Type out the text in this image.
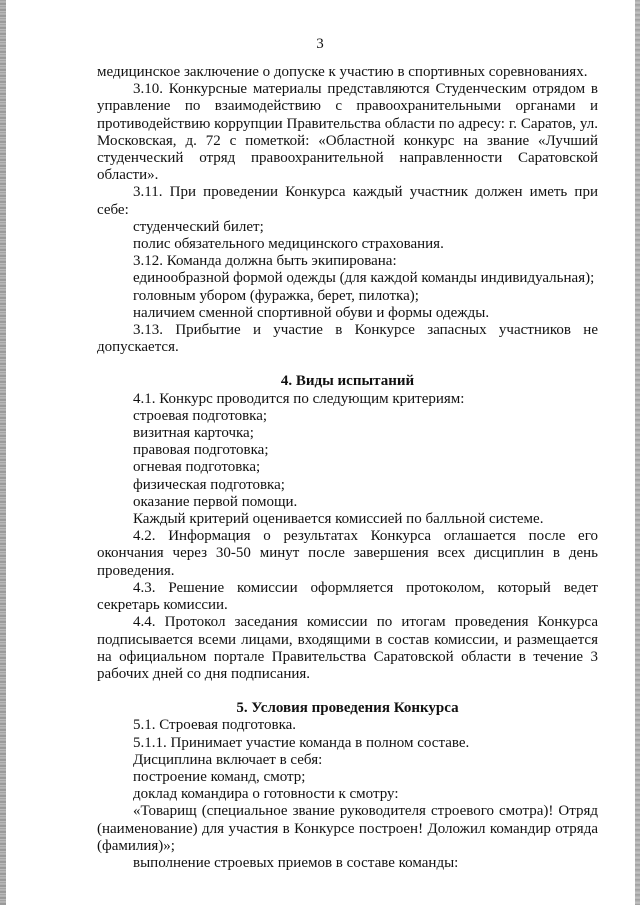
3
медицинское заключение о допуске к участию в спортивных соревнованиях.
3.10. Конкурсные материалы представляются Студенческим отрядом в управление по взаимодействию с правоохранительными органами и противодействию коррупции Правительства области по адресу: г. Саратов, ул. Московская, д. 72 с пометкой: «Областной конкурс на звание «Лучший студенческий отряд правоохранительной направленности Саратовской области».
3.11. При проведении Конкурса каждый участник должен иметь при себе:
студенческий билет;
полис обязательного медицинского страхования.
3.12. Команда должна быть экипирована:
единообразной формой одежды (для каждой команды индивидуальная);
головным убором (фуражка, берет, пилотка);
наличием сменной спортивной обуви и формы одежды.
3.13. Прибытие и участие в Конкурсе запасных участников не допускается.
4. Виды испытаний
4.1. Конкурс проводится по следующим критериям:
строевая подготовка;
визитная карточка;
правовая подготовка;
огневая подготовка;
физическая подготовка;
оказание первой помощи.
Каждый критерий оценивается комиссией по балльной системе.
4.2. Информация о результатах Конкурса оглашается после его окончания через 30-50 минут после завершения всех дисциплин в день проведения.
4.3. Решение комиссии оформляется протоколом, который ведет секретарь комиссии.
4.4. Протокол заседания комиссии по итогам проведения Конкурса подписывается всеми лицами, входящими в состав комиссии, и размещается на официальном портале Правительства Саратовской области в течение 3 рабочих дней со дня подписания.
5. Условия проведения Конкурса
5.1. Строевая подготовка.
5.1.1. Принимает участие команда в полном составе.
Дисциплина включает в себя:
построение команд, смотр;
доклад командира о готовности к смотру:
«Товарищ (специальное звание руководителя строевого смотра)! Отряд (наименование) для участия в Конкурсе построен! Доложил командир отряда (фамилия)»;
выполнение строевых приемов в составе команды:
